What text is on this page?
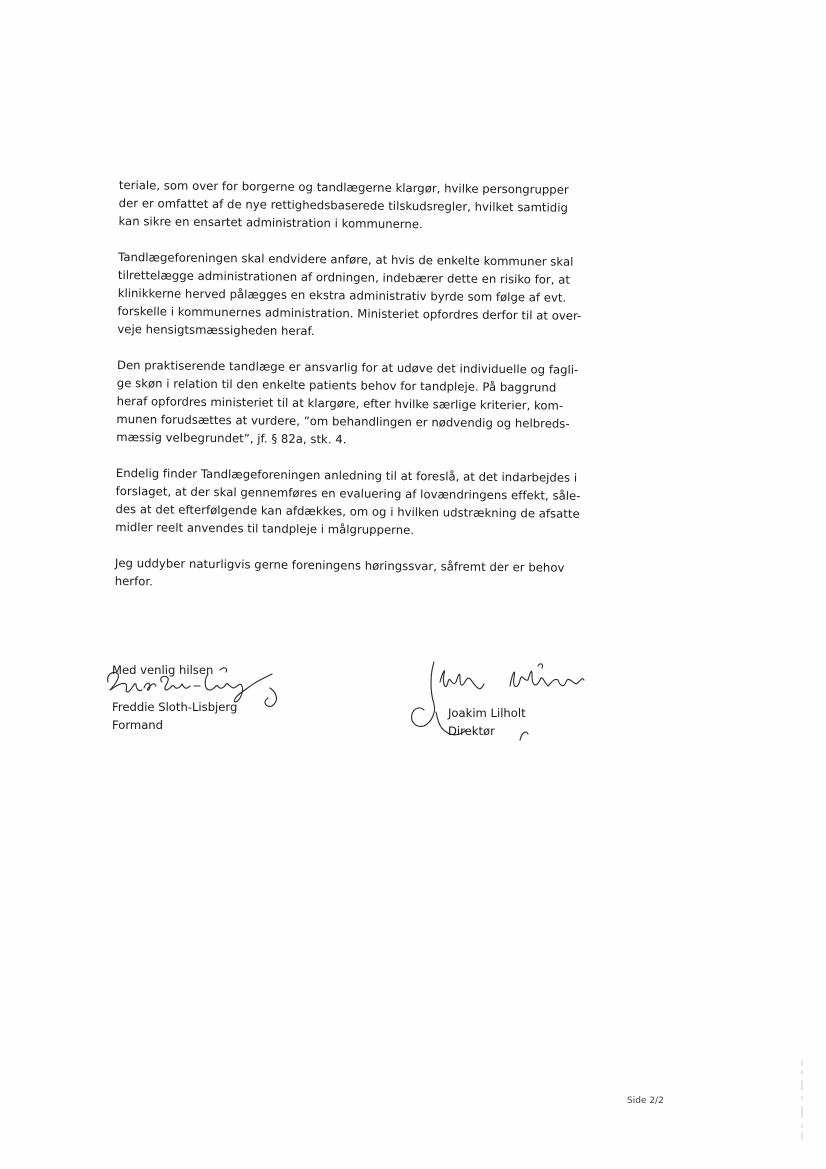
teriale, som over for borgerne og tandlægerne klargør, hvilke persongrupper
der er omfattet af de nye rettighedsbaserede tilskudsregler, hvilket samtidig
kan sikre en ensartet administration i kommunerne.

Tandlægeforeningen skal endvidere anføre, at hvis de enkelte kommuner skal
tilrettelægge administrationen af ordningen, indebærer dette en risiko for, at
klinikkerne herved pålægges en ekstra administrativ byrde som følge af evt.
forskelle i kommunernes administration. Ministeriet opfordres derfor til at over-
veje hensigtsmæssigheden heraf.

Den praktiserende tandlæge er ansvarlig for at udøve det individuelle og fagli-
ge skøn i relation til den enkelte patients behov for tandpleje. På baggrund
heraf opfordres ministeriet til at klargøre, efter hvilke særlige kriterier, kom-
munen forudsættes at vurdere, ”om behandlingen er nødvendig og helbreds-
mæssig velbegrundet”, jf. § 82a, stk. 4.

Endelig finder Tandlægeforeningen anledning til at foreslå, at det indarbejdes i
forslaget, at der skal gennemføres en evaluering af lovændringens effekt, såle-
des at det efterfølgende kan afdækkes, om og i hvilken udstrækning de afsatte
midler reelt anvendes til tandpleje i målgrupperne.

Jeg uddyber naturligvis gerne foreningens høringssvar, såfremt der er behov
herfor.

Med venlig hilsen
Freddie Sloth-Lisbjerg
Formand
Joakim Lilholt
Direktør
Side 2/2
